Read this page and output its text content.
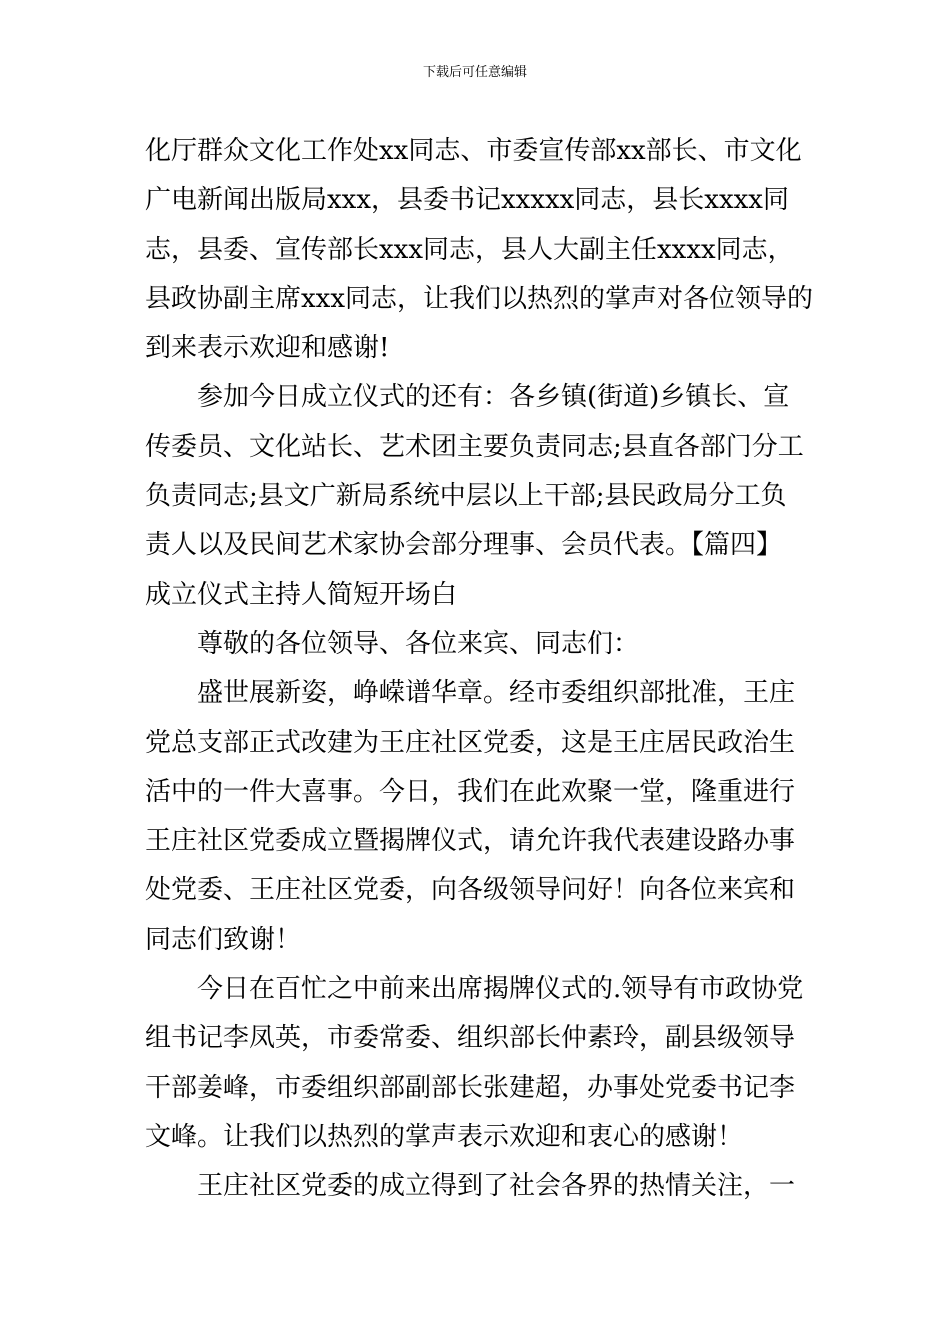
下载后可任意编辑
化厅群众文化工作处xx同志、市委宣传部xx部长、市文化
广电新闻出版局xxx，县委书记xxxxx同志，县长xxxx同
志，县委、宣传部长xxx同志，县人大副主任xxxx同志，
县政协副主席xxx同志，让我们以热烈的掌声对各位领导的
到来表示欢迎和感谢!
参加今日成立仪式的还有：各乡镇(街道)乡镇长、宣
传委员、文化站长、艺术团主要负责同志;县直各部门分工
负责同志;县文广新局系统中层以上干部;县民政局分工负
责人以及民间艺术家协会部分理事、会员代表。【篇四】
成立仪式主持人简短开场白
尊敬的各位领导、各位来宾、同志们：
盛世展新姿，峥嵘谱华章。经市委组织部批准，王庄
党总支部正式改建为王庄社区党委，这是王庄居民政治生
活中的一件大喜事。今日，我们在此欢聚一堂，隆重进行
王庄社区党委成立暨揭牌仪式，请允许我代表建设路办事
处党委、王庄社区党委，向各级领导问好！向各位来宾和
同志们致谢！
今日在百忙之中前来出席揭牌仪式的.领导有市政协党
组书记李凤英，市委常委、组织部长仲素玲，副县级领导
干部姜峰，市委组织部副部长张建超，办事处党委书记李
文峰。让我们以热烈的掌声表示欢迎和衷心的感谢！
王庄社区党委的成立得到了社会各界的热情关注，一
